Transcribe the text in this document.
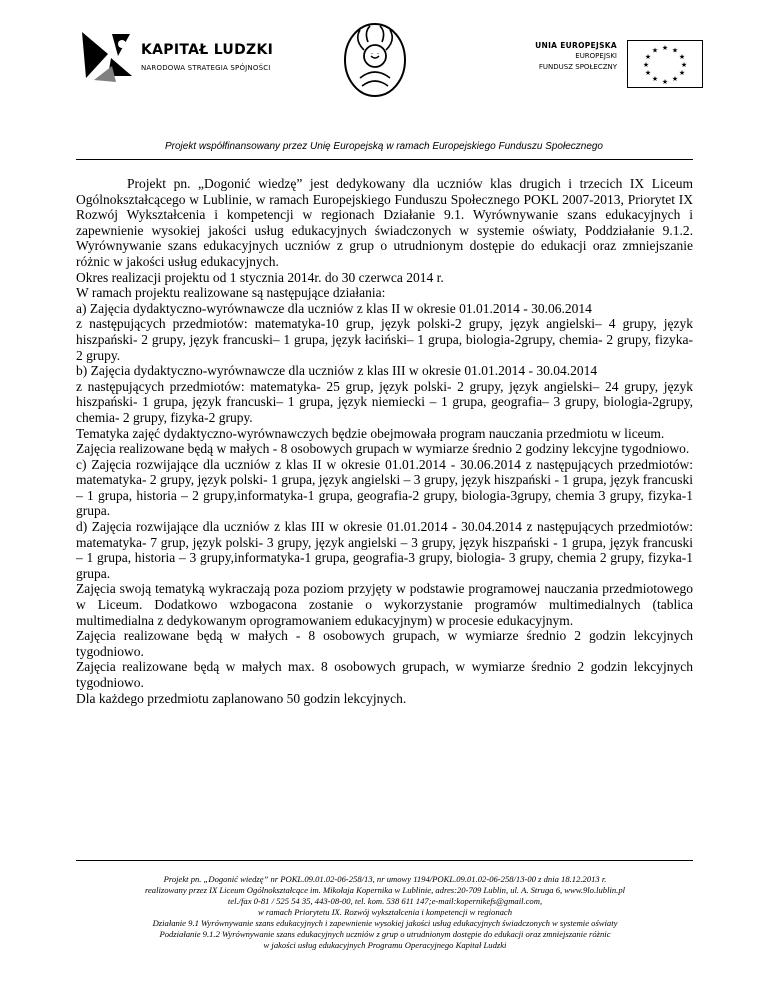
KAPITAŁ LUDZKI
NARODOWA STRATEGIA SPÓJNOŚCI
UNIA EUROPEJSKA
EUROPEJSKI
FUNDUSZ SPOŁECZNY
★ ★
★
★
★
★
★
★
★
★
★
★
Projekt współfinansowany przez Unię Europejską w ramach Europejskiego Funduszu Społecznego

Projekt pn. „Dogonić wiedzę” jest dedykowany dla uczniów klas drugich i trzecich IX Liceum Ogólnokształcącego w Lublinie, w ramach Europejskiego Funduszu Społecznego POKL 2007-2013, Priorytet IX Rozwój Wykształcenia i kompetencji w regionach Działanie 9.1. Wyrównywanie szans edukacyjnych i zapewnienie wysokiej jakości usług edukacyjnych świadczonych w systemie oświaty, Poddziałanie 9.1.2. Wyrównywanie szans edukacyjnych uczniów z grup o utrudnionym dostępie do edukacji oraz zmniejszanie różnic w jakości usług edukacyjnych.

Okres realizacji projektu od 1 stycznia 2014r. do 30 czerwca 2014 r.

W ramach projektu realizowane są następujące działania:

a) Zajęcia dydaktyczno-wyrównawcze dla uczniów z klas II w okresie 01.01.2014 - 30.06.2014

z następujących przedmiotów: matematyka-10 grup, język polski-2 grupy, język angielski– 4 grupy, język hiszpański- 2 grupy, język francuski– 1 grupa, język łaciński– 1 grupa, biologia-2grupy, chemia- 2 grupy, fizyka- 2 grupy.

b) Zajęcia dydaktyczno-wyrównawcze dla uczniów z klas III w okresie 01.01.2014 - 30.04.2014

z następujących przedmiotów: matematyka- 25 grup, język polski- 2 grupy, język angielski– 24 grupy, język hiszpański- 1 grupa, język francuski– 1 grupa, język niemiecki – 1 grupa, geografia– 3 grupy, biologia-2grupy, chemia- 2 grupy, fizyka-2 grupy.

Tematyka zajęć dydaktyczno-wyrównawczych będzie obejmowała program nauczania przedmiotu w liceum.

Zajęcia realizowane będą w małych - 8 osobowych grupach w wymiarze średnio 2 godziny lekcyjne tygodniowo.

c) Zajęcia rozwijające dla uczniów z klas II w okresie 01.01.2014 - 30.06.2014 z następujących przedmiotów: matematyka- 2 grupy, język polski- 1 grupa, język angielski – 3 grupy, język hiszpański - 1 grupa, język francuski – 1 grupa, historia – 2 grupy,informatyka-1 grupa, geografia-2 grupy, biologia-3grupy, chemia 3 grupy, fizyka-1 grupa.

d) Zajęcia rozwijające dla uczniów z klas III w okresie 01.01.2014 - 30.04.2014 z następujących przedmiotów: matematyka- 7 grup, język polski- 3 grupy, język angielski – 3 grupy, język hiszpański - 1 grupa, język francuski – 1 grupa, historia – 3 grupy,informatyka-1 grupa, geografia-3 grupy, biologia- 3 grupy, chemia 2 grupy, fizyka-1 grupa.

Zajęcia swoją tematyką wykraczają poza poziom przyjęty w podstawie programowej nauczania przedmiotowego w Liceum. Dodatkowo wzbogacona zostanie o wykorzystanie programów multimedialnych (tablica multimedialna z dedykowanym oprogramowaniem edukacyjnym) w procesie edukacyjnym.

Zajęcia realizowane będą w małych - 8 osobowych grupach, w wymiarze średnio 2 godzin lekcyjnych tygodniowo.

Zajęcia realizowane będą w małych max. 8 osobowych grupach, w wymiarze średnio 2 godzin lekcyjnych tygodniowo.

Dla każdego przedmiotu zaplanowano 50 godzin lekcyjnych.

Projekt pn. „Dogonić wiedzę” nr POKL.09.01.02-06-258/13, nr umowy 1194/POKL.09.01.02-06-258/13-00 z dnia 18.12.2013 r.
realizowany przez IX Liceum Ogólnokształcące im. Mikołaja Kopernika w Lublinie, adres:20-709 Lublin, ul. A. Struga 6, www.9lo.lublin.pl
tel./fax 0-81 / 525 54 35, 443-08-00, tel. kom. 538 611 147;e-mail:kopernikefs@gmail.com,
w ramach Priorytetu IX. Rozwój wykształcenia i kompetencji w regionach
Działanie 9.1 Wyrównywanie szans edukacyjnych i zapewnienie wysokiej jakości usług edukacyjnych świadczonych w systemie oświaty
Podziałanie 9.1.2 Wyrównywanie szans edukacyjnych uczniów z grup o utrudnionym dostępie do edukacji oraz zmniejszanie różnic
w jakości usług edukacyjnych Programu Operacyjnego Kapitał Ludzki
